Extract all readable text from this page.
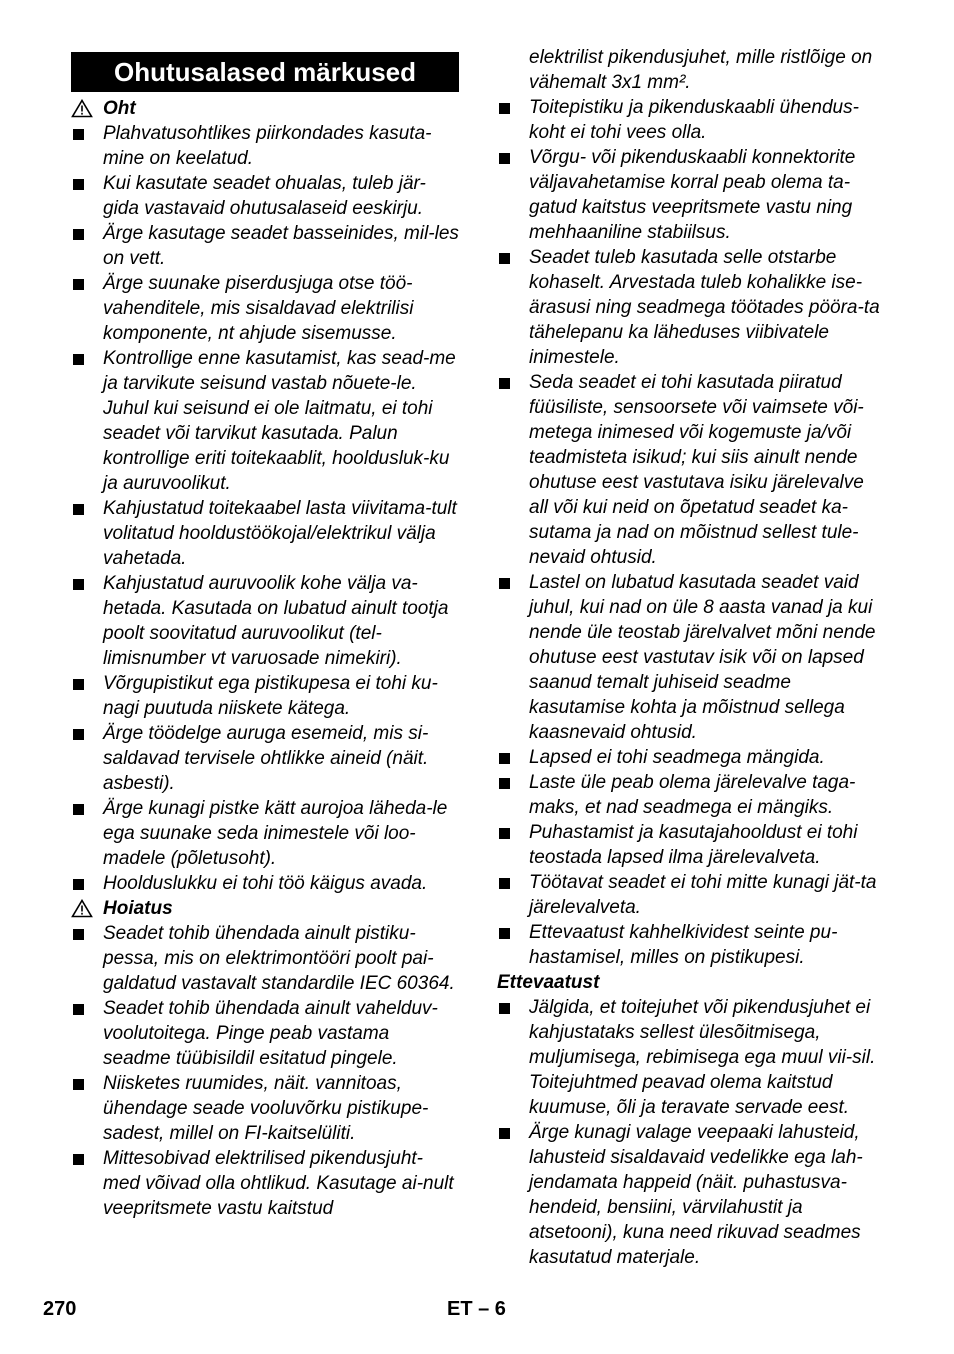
Ohutusalased märkused
Oht
Plahvatusohtlikes piirkondades kasuta-mine on keelatud.
Kui kasutate seadet ohualas, tuleb jär-gida vastavaid ohutusalaseid eeskirju.
Ärge kasutage seadet basseinides, mil-les on vett.
Ärge suunake piserdusjuga otse töö-vahenditele, mis sisaldavad elektrilisi komponente, nt ahjude sisemusse.
Kontrollige enne kasutamist, kas sead-me ja tarvikute seisund vastab nõuete-le. Juhul kui seisund ei ole laitmatu, ei tohi seadet või tarvikut kasutada. Palun kontrollige eriti toitekaablit, hooldusluk-ku ja auruvoolikut.
Kahjustatud toitekaabel lasta viivitama-tult volitatud hooldustöökojal/elektrikul välja vahetada.
Kahjustatud auruvoolik kohe välja va-hetada. Kasutada on lubatud ainult tootja poolt soovitatud auruvoolikut (tel-limisnumber vt varuosade nimekiri).
Võrgupistikut ega pistikupesa ei tohi ku-nagi puutuda niiskete kätega.
Ärge töödelge auruga esemeid, mis si-saldavad tervisele ohtlikke aineid (näit. asbesti).
Ärge kunagi pistke kätt aurojoa läheda-le ega suunake seda inimestele või loo-madele (põletusoht).
Hoolduslukku ei tohi töö käigus avada.
Hoiatus
Seadet tohib ühendada ainult pistiku-pessa, mis on elektrimontööri poolt pai-galdatud vastavalt standardile IEC 60364.
Seadet tohib ühendada ainult vahelduv-voolutoitega. Pinge peab vastama seadme tüübisildil esitatud pingele.
Niisketes ruumides, näit. vannitoas, ühendage seade vooluvõrku pistikupe-sadest, millel on FI-kaitselüliti.
Mittesobivad elektrilised pikendusjuht-med võivad olla ohtlikud. Kasutage ai-nult veepritsmete vastu kaitstud
elektrilist pikendusjuhet, mille ristlõige on vähemalt 3x1 mm².
Toitepistiku ja pikenduskaabli ühendus-koht ei tohi vees olla.
Võrgu- või pikenduskaabli konnektorite väljavahetamise korral peab olema ta-gatud kaitstus veepritsmete vastu ning mehhaaniline stabiilsus.
Seadet tuleb kasutada selle otstarbe kohaselt. Arvestada tuleb kohalikke ise-ärasusi ning seadmega töötades pööra-ta tähelepanu ka läheduses viibivatele inimestele.
Seda seadet ei tohi kasutada piiratud füüsiliste, sensoorsete või vaimsete või-metega inimesed või kogemuste ja/või teadmisteta isikud; kui siis ainult nende ohutuse eest vastutava isiku järelevalve all või kui neid on õpetatud seadet ka-sutama ja nad on mõistnud sellest tule-nevaid ohtusid.
Lastel on lubatud kasutada seadet vaid juhul, kui nad on üle 8 aasta vanad ja kui nende üle teostab järelvalvet mõni nende ohutuse eest vastutav isik või on lapsed saanud temalt juhiseid seadme kasutamise kohta ja mõistnud sellega kaasnevaid ohtusid.
Lapsed ei tohi seadmega mängida.
Laste üle peab olema järelevalve taga-maks, et nad seadmega ei mängiks.
Puhastamist ja kasutajahooldust ei tohi teostada lapsed ilma järelevalveta.
Töötavat seadet ei tohi mitte kunagi jät-ta järelevalveta.
Ettevaatust kahhelkividest seinte pu-hastamisel, milles on pistikupesi.
Ettevaatust
Jälgida, et toitejuhet või pikendusjuhet ei kahjustataks sellest ülesõitmisega, muljumisega, rebimisega ega muul vii-sil. Toitejuhtmed peavad olema kaitstud kuumuse, õli ja teravate servade eest.
Ärge kunagi valage veepaaki lahusteid, lahusteid sisaldavaid vedelikke ega lah-jendamata happeid (näit. puhastusva-hendeid, bensiini, värvilahustit ja atsetooni), kuna need rikuvad seadmes kasutatud materjale.
270	ET – 6
